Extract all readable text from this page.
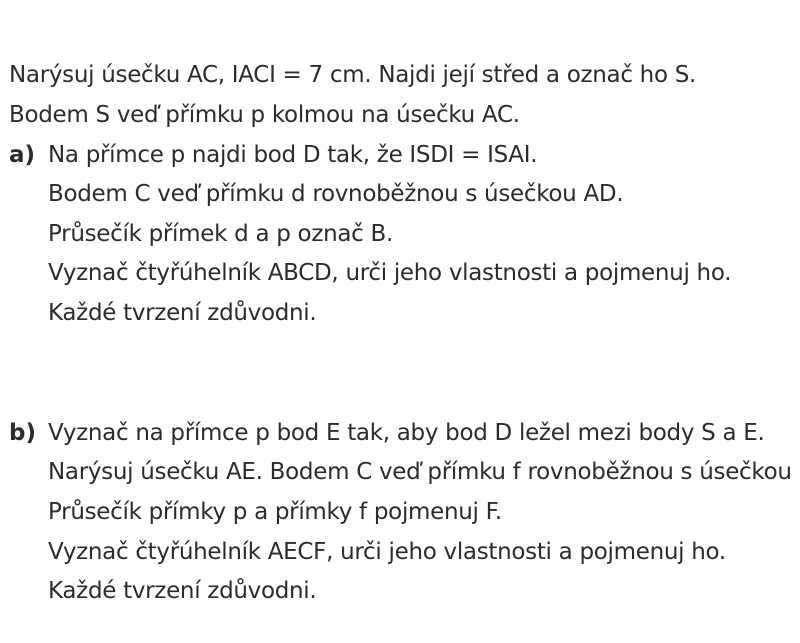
Narýsuj úsečku AC, IACI = 7 cm. Najdi její střed a označ ho S.
Bodem S veď přímku p kolmou na úsečku AC.
a) Na přímce p najdi bod D tak, že ISDI = ISAI.
Bodem C veď přímku d rovnoběžnou s úsečkou AD.
Průsečík přímek d a p označ B.
Vyznač čtyřúhelník ABCD, urči jeho vlastnosti a pojmenuj ho.
Každé tvrzení zdůvodni.
b) Vyznač na přímce p bod E tak, aby bod D ležel mezi body S a E.
Narýsuj úsečku AE. Bodem C veď přímku f rovnoběžnou s úsečkou
Průsečík přímky p a přímky f pojmenuj F.
Vyznač čtyřúhelník AECF, urči jeho vlastnosti a pojmenuj ho.
Každé tvrzení zdůvodni.
